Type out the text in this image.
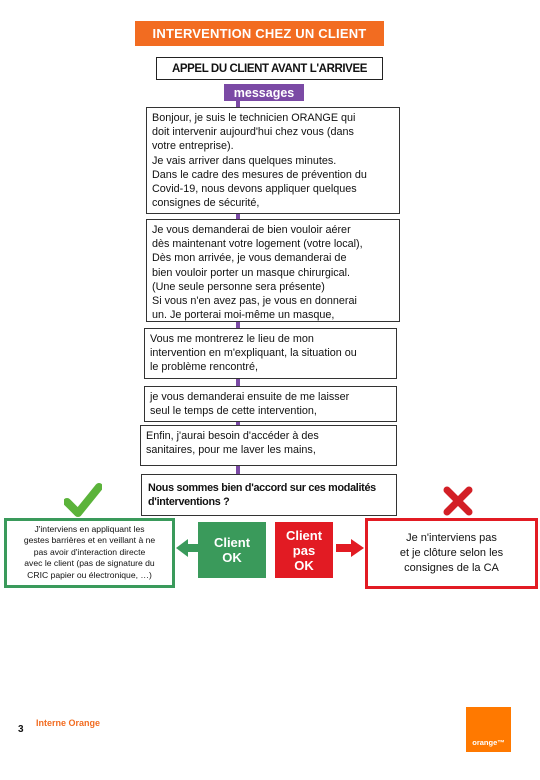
INTERVENTION CHEZ UN CLIENT
APPEL DU CLIENT AVANT L'ARRIVEE
messages
Bonjour, je suis le technicien ORANGE qui
doit intervenir aujourd'hui chez vous (dans
votre entreprise).
Je vais arriver dans quelques minutes.
Dans le cadre des mesures de prévention du
Covid-19, nous devons appliquer quelques
consignes de sécurité,
Je vous demanderai de bien vouloir aérer
dès maintenant votre logement (votre local),
Dès mon arrivée, je vous demanderai de
bien vouloir porter un masque chirurgical.
(Une seule personne sera présente)
Si vous n'en avez pas, je vous en donnerai
un. Je porterai moi-même un masque,
Vous me montrerez le lieu de mon
intervention en m'expliquant, la situation ou
le problème rencontré,
je vous demanderai ensuite de me laisser
seul le temps de cette intervention,
Enfin, j'aurai besoin d'accéder à des
sanitaires, pour me laver les mains,
Nous sommes bien d'accord sur ces modalités d'interventions ?
J'interviens en appliquant les
gestes barrières et en veillant à ne
pas avoir d'interaction directe
avec le client (pas de signature du
CRIC papier ou électronique, …)
Client
OK
Client
pas
OK
Je n'interviens pas
et je clôture selon les
consignes de la CA
3
Interne Orange
orange™
